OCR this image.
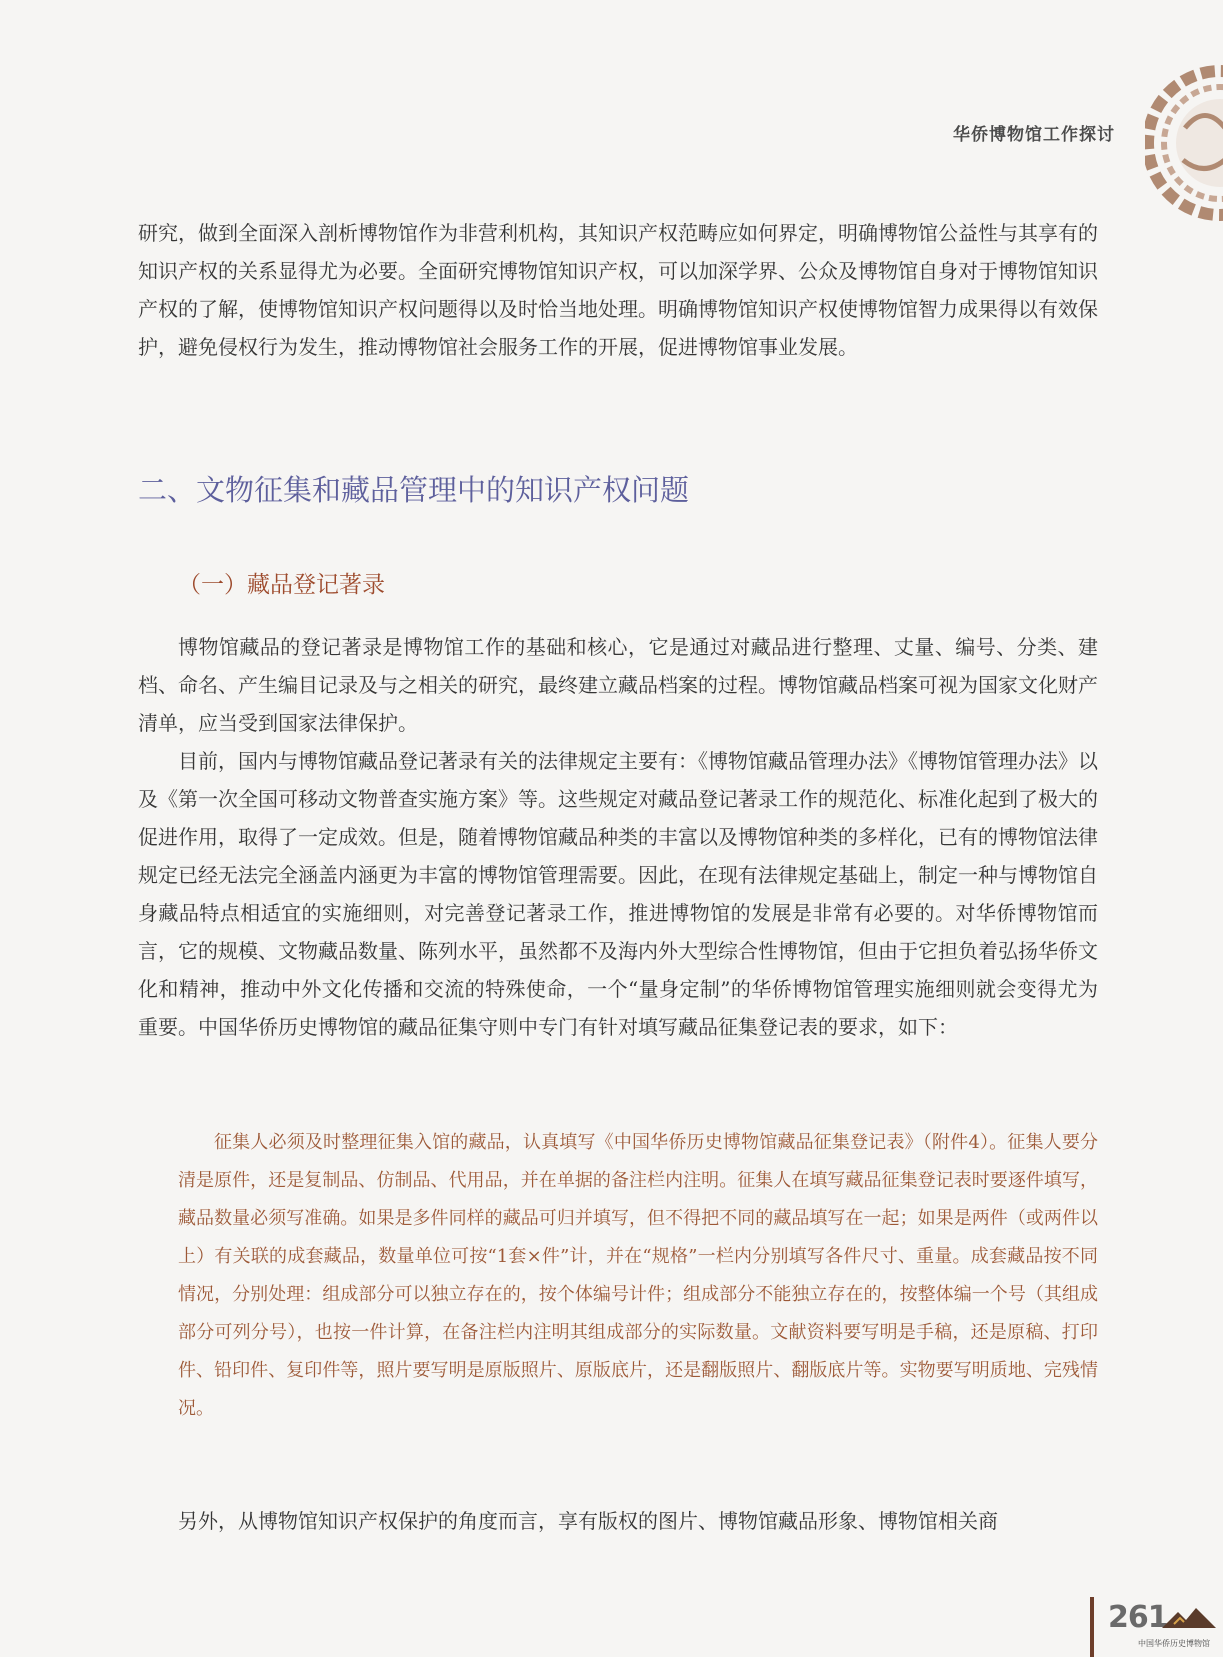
华侨博物馆工作探讨

研究，做到全面深入剖析博物馆作为非营利机构，其知识产权范畴应如何界定，明确博物馆公益性与其享有的知识产权的关系显得尤为必要。全面研究博物馆知识产权，可以加深学界、公众及博物馆自身对于博物馆知识产权的了解，使博物馆知识产权问题得以及时恰当地处理。明确博物馆知识产权使博物馆智力成果得以有效保护，避免侵权行为发生，推动博物馆社会服务工作的开展，促进博物馆事业发展。

二、文物征集和藏品管理中的知识产权问题
（一）藏品登记著录

博物馆藏品的登记著录是博物馆工作的基础和核心，它是通过对藏品进行整理、丈量、编号、分类、建档、命名、产生编目记录及与之相关的研究，最终建立藏品档案的过程。博物馆藏品档案可视为国家文化财产清单，应当受到国家法律保护。

目前，国内与博物馆藏品登记著录有关的法律规定主要有：《博物馆藏品管理办法》《博物馆管理办法》以及《第一次全国可移动文物普查实施方案》等。这些规定对藏品登记著录工作的规范化、标准化起到了极大的促进作用，取得了一定成效。但是，随着博物馆藏品种类的丰富以及博物馆种类的多样化，已有的博物馆法律规定已经无法完全涵盖内涵更为丰富的博物馆管理需要。因此，在现有法律规定基础上，制定一种与博物馆自身藏品特点相适宜的实施细则，对完善登记著录工作，推进博物馆的发展是非常有必要的。对华侨博物馆而言，它的规模、文物藏品数量、陈列水平，虽然都不及海内外大型综合性博物馆，但由于它担负着弘扬华侨文化和精神，推动中外文化传播和交流的特殊使命，一个“量身定制”的华侨博物馆管理实施细则就会变得尤为重要。中国华侨历史博物馆的藏品征集守则中专门有针对填写藏品征集登记表的要求，如下：

征集人必须及时整理征集入馆的藏品，认真填写《中国华侨历史博物馆藏品征集登记表》（附件4）。征集人要分清是原件，还是复制品、仿制品、代用品，并在单据的备注栏内注明。征集人在填写藏品征集登记表时要逐件填写，藏品数量必须写准确。如果是多件同样的藏品可归并填写，但不得把不同的藏品填写在一起；如果是两件（或两件以上）有关联的成套藏品，数量单位可按“1套×件”计，并在“规格”一栏内分别填写各件尺寸、重量。成套藏品按不同情况，分别处理：组成部分可以独立存在的，按个体编号计件；组成部分不能独立存在的，按整体编一个号（其组成部分可列分号），也按一件计算，在备注栏内注明其组成部分的实际数量。文献资料要写明是手稿，还是原稿、打印件、铅印件、复印件等，照片要写明是原版照片、原版底片，还是翻版照片、翻版底片等。实物要写明质地、完残情况。

另外，从博物馆知识产权保护的角度而言，享有版权的图片、博物馆藏品形象、博物馆相关商

261
中国华侨历史博物馆
